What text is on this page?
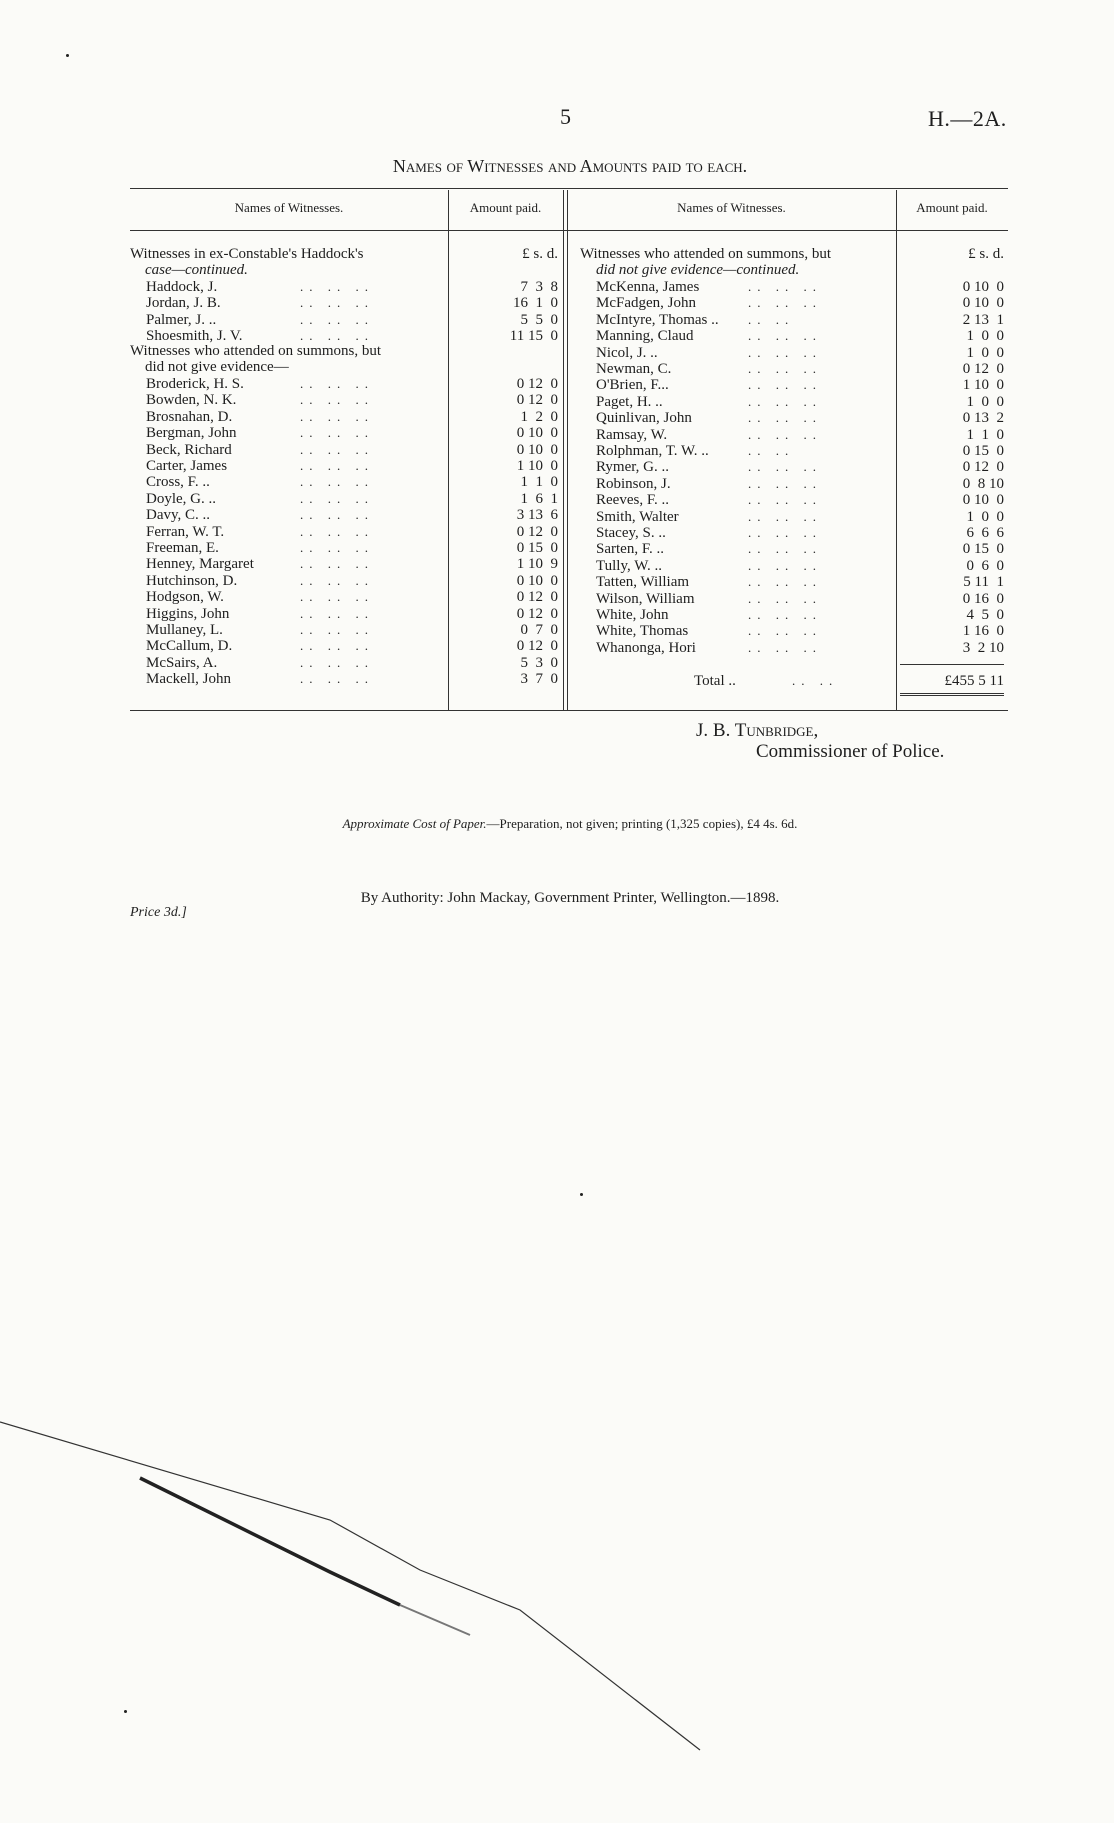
5	H.—2A.
Names of Witnesses and Amounts paid to each.
Names of Witnesses.	Amount paid.	Names of Witnesses.	Amount paid.
Witnesses in ex-Constable's Haddock's
case—continued.
£ s. d.
Haddock, J.	.. .. ..	7  3  8
Jordan, J. B.	.. .. ..	16  1  0
Palmer, J. ..	.. .. ..	5  5  0
Shoesmith, J. V.	.. .. ..	11 15  0
Witnesses who attended on summons, but
did not give evidence—
Broderick, H. S.	.. .. ..	0 12  0
Bowden, N. K.	.. .. ..	0 12  0
Brosnahan, D.	.. .. ..	1  2  0
Bergman, John	.. .. ..	0 10  0
Beck, Richard	.. .. ..	0 10  0
Carter, James	.. .. ..	1 10  0
Cross, F. ..	.. .. ..	1  1  0
Doyle, G. ..	.. .. ..	1  6  1
Davy, C. ..	.. .. ..	3 13  6
Ferran, W. T.	.. .. ..	0 12  0
Freeman, E.	.. .. ..	0 15  0
Henney, Margaret	.. .. ..	1 10  9
Hutchinson, D.	.. .. ..	0 10  0
Hodgson, W.	.. .. ..	0 12  0
Higgins, John	.. .. ..	0 12  0
Mullaney, L.	.. .. ..	0  7  0
McCallum, D.	.. .. ..	0 12  0
McSairs, A.	.. .. ..	5  3  0
Mackell, John	.. .. ..	3  7  0
Witnesses who attended on summons, but
did not give evidence—continued.
£ s. d.
McKenna, James	.. .. ..	0 10  0
McFadgen, John	.. .. ..	0 10  0
McIntyre, Thomas .. .. ..	2 13  1
Manning, Claud	.. .. ..	1  0  0
Nicol, J. ..	.. .. ..	1  0  0
Newman, C.	.. .. ..	0 12  0
O'Brien, F...	.. .. ..	1 10  0
Paget, H. ..	.. .. ..	1  0  0
Quinlivan, John	.. .. ..	0 13  2
Ramsay, W.	.. .. ..	1  1  0
Rolphman, T. W. ..	.. ..	0 15  0
Rymer, G. ..	.. .. ..	0 12  0
Robinson, J.	.. .. ..	0  8 10
Reeves, F. ..	.. .. ..	0 10  0
Smith, Walter	.. .. ..	1  0  0
Stacey, S. ..	.. .. ..	6  6  6
Sarten, F. ..	.. .. ..	0 15  0
Tully, W. ..	.. .. ..	0  6  0
Tatten, William	.. .. ..	5 11  1
Wilson, William	.. .. ..	0 16  0
White, John	.. .. ..	4  5  0
White, Thomas	.. .. ..	1 16  0
Whanonga, Hori	.. .. ..	3  2 10
Total ..	.. ..	£455 5 11
J. B. Tunbridge,
Commissioner of Police.
Approximate Cost of Paper.—Preparation, not given; printing (1,325 copies), £4 4s. 6d.
Price 3d.]
By Authority: John Mackay, Government Printer, Wellington.—1898.
